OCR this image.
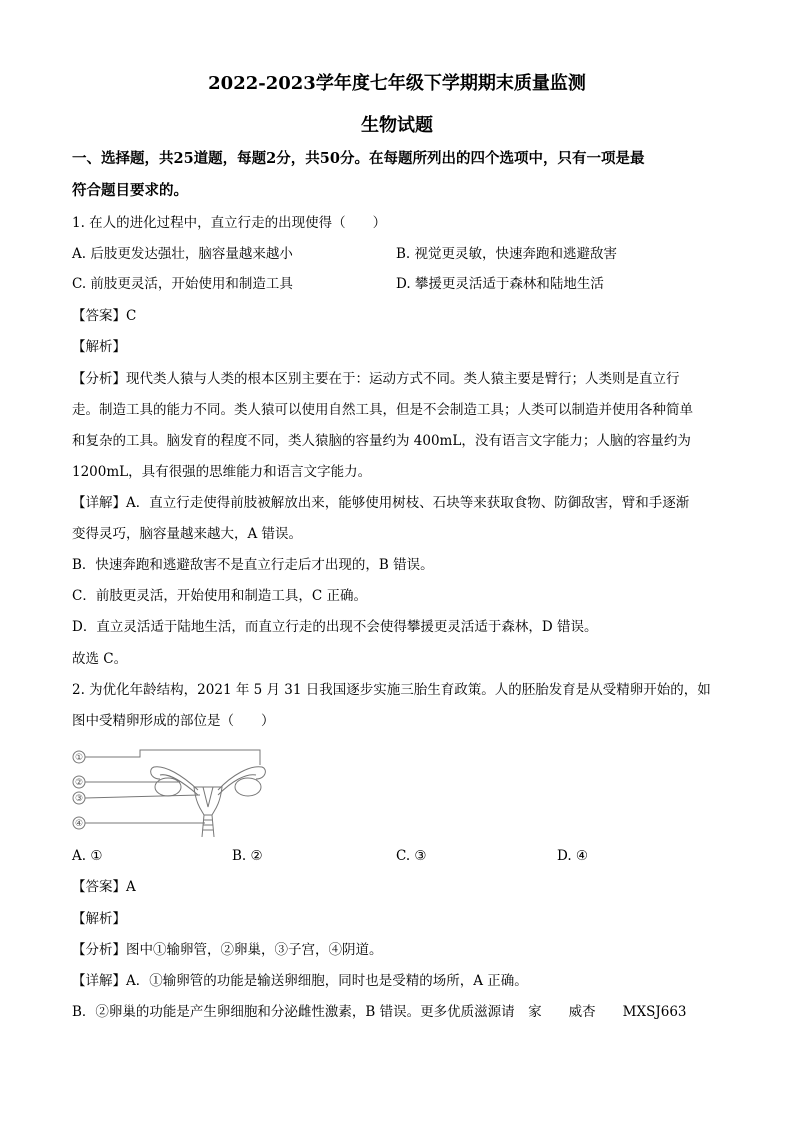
2022-2023学年度七年级下学期期末质量监测
生物试题
一、选择题，共25道题，每题2分，共50分。在每题所列出的四个选项中，只有一项是最
符合题目要求的。
1. 在人的进化过程中，直立行走的出现使得（　　）
A. 后肢更发达强壮，脑容量越来越小	B. 视觉更灵敏，快速奔跑和逃避敌害
C. 前肢更灵活，开始使用和制造工具	D. 攀援更灵活适于森林和陆地生活
【答案】C
【解析】
【分析】现代类人猿与人类的根本区别主要在于：运动方式不同。类人猿主要是臂行；人类则是直立行
走。制造工具的能力不同。类人猿可以使用自然工具，但是不会制造工具；人类可以制造并使用各种简单
和复杂的工具。脑发育的程度不同，类人猿脑的容量约为 400mL，没有语言文字能力；人脑的容量约为
1200mL，具有很强的思维能力和语言文字能力。
【详解】A．直立行走使得前肢被解放出来，能够使用树枝、石块等来获取食物、防御敌害，臂和手逐渐
变得灵巧，脑容量越来越大，A 错误。
B．快速奔跑和逃避敌害不是直立行走后才出现的，B 错误。
C．前肢更灵活，开始使用和制造工具，C 正确。
D．直立灵活适于陆地生活，而直立行走的出现不会使得攀援更灵活适于森林，D 错误。
故选 C。
2. 为优化年龄结构，2021 年 5 月 31 日我国逐步实施三胎生育政策。人的胚胎发育是从受精卵开始的，如
图中受精卵形成的部位是（　　）
①
②
③
④
A. ①	B. ②	C. ③	D. ④
【答案】A
【解析】
【分析】图中①输卵管，②卵巢，③子宫，④阴道。
【详解】A．①输卵管的功能是输送卵细胞，同时也是受精的场所，A 正确。
B．②卵巢的功能是产生卵细胞和分泌雌性激素，B 错误。更多优质滋源请　家　　威杏　　MXSJ663
